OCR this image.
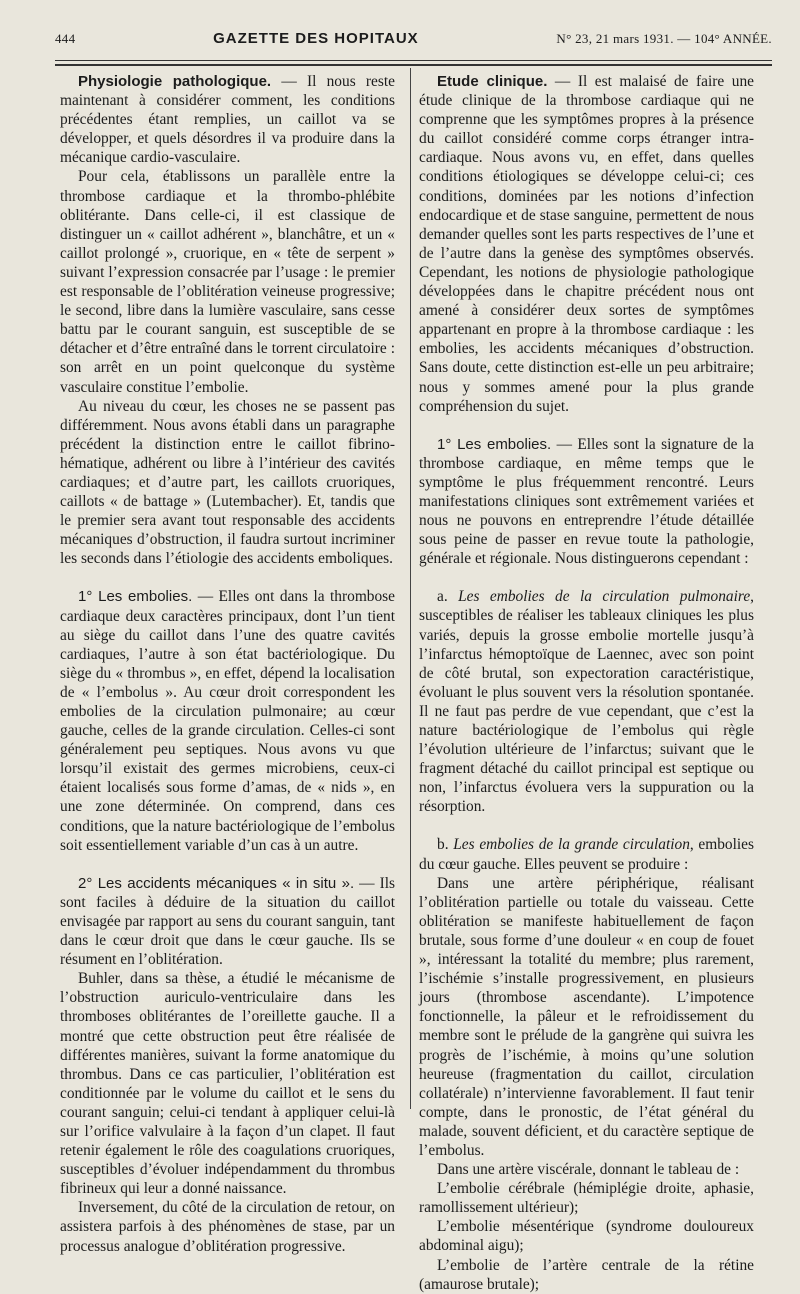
444	GAZETTE DES HOPITAUX	N° 23, 21 mars 1931. — 104° ANNÉE.

Physiologie pathologique. — Il nous reste maintenant à considérer comment, les conditions précédentes étant remplies, un caillot va se développer, et quels désordres il va produire dans la mécanique cardio-vasculaire.

Pour cela, établissons un parallèle entre la thrombose cardiaque et la thrombo-phlébite oblitérante. Dans celle-ci, il est classique de distinguer un « caillot adhérent », blanchâtre, et un « caillot prolongé », cruorique, en « tête de serpent » suivant l’expression consacrée par l’usage : le premier est responsable de l’oblitération veineuse progressive; le second, libre dans la lumière vasculaire, sans cesse battu par le courant sanguin, est susceptible de se détacher et d’être entraîné dans le torrent circulatoire : son arrêt en un point quelconque du système vasculaire constitue l’embolie.

Au niveau du cœur, les choses ne se passent pas différemment. Nous avons établi dans un paragraphe précédent la distinction entre le caillot fibrino-hématique, adhérent ou libre à l’intérieur des cavités cardiaques; et d’autre part, les caillots cruoriques, caillots « de battage » (Lutembacher). Et, tandis que le premier sera avant tout responsable des accidents mécaniques d’obstruction, il faudra surtout incriminer les seconds dans l’étiologie des accidents emboliques.

1° Les embolies. — Elles ont dans la thrombose cardiaque deux caractères principaux, dont l’un tient au siège du caillot dans l’une des quatre cavités cardiaques, l’autre à son état bactériologique. Du siège du « thrombus », en effet, dépend la localisation de « l’embolus ». Au cœur droit correspondent les embolies de la circulation pulmonaire; au cœur gauche, celles de la grande circulation. Celles-ci sont généralement peu septiques. Nous avons vu que lorsqu’il existait des germes microbiens, ceux-ci étaient localisés sous forme d’amas, de « nids », en une zone déterminée. On comprend, dans ces conditions, que la nature bactériologique de l’embolus soit essentiellement variable d’un cas à un autre.

2° Les accidents mécaniques « in situ ». — Ils sont faciles à déduire de la situation du caillot envisagée par rapport au sens du courant sanguin, tant dans le cœur droit que dans le cœur gauche. Ils se résument en l’oblitération.

Buhler, dans sa thèse, a étudié le mécanisme de l’obstruction auriculo-ventriculaire dans les thromboses oblitérantes de l’oreillette gauche. Il a montré que cette obstruction peut être réalisée de différentes manières, suivant la forme anatomique du thrombus. Dans ce cas particulier, l’oblitération est conditionnée par le volume du caillot et le sens du courant sanguin; celui-ci tendant à appliquer celui-là sur l’orifice valvulaire à la façon d’un clapet. Il faut retenir également le rôle des coagulations cruoriques, susceptibles d’évoluer indépendamment du thrombus fibrineux qui leur a donné naissance.

Inversement, du côté de la circulation de retour, on assistera parfois à des phénomènes de stase, par un processus analogue d’oblitération progressive.

Etude clinique. — Il est malaisé de faire une étude clinique de la thrombose cardiaque qui ne comprenne que les symptômes propres à la présence du caillot considéré comme corps étranger intra-cardiaque. Nous avons vu, en effet, dans quelles conditions étiologiques se développe celui-ci; ces conditions, dominées par les notions d’infection endocardique et de stase sanguine, permettent de nous demander quelles sont les parts respectives de l’une et de l’autre dans la genèse des symptômes observés. Cependant, les notions de physiologie pathologique développées dans le chapitre précédent nous ont amené à considérer deux sortes de symptômes appartenant en propre à la thrombose cardiaque : les embolies, les accidents mécaniques d’obstruction. Sans doute, cette distinction est-elle un peu arbitraire; nous y sommes amené pour la plus grande compréhension du sujet.

1° Les embolies. — Elles sont la signature de la thrombose cardiaque, en même temps que le symptôme le plus fréquemment rencontré. Leurs manifestations cliniques sont extrêmement variées et nous ne pouvons en entreprendre l’étude détaillée sous peine de passer en revue toute la pathologie, générale et régionale. Nous distinguerons cependant :

a. Les embolies de la circulation pulmonaire, susceptibles de réaliser les tableaux cliniques les plus variés, depuis la grosse embolie mortelle jusqu’à l’infarctus hémoptoïque de Laennec, avec son point de côté brutal, son expectoration caractéristique, évoluant le plus souvent vers la résolution spontanée. Il ne faut pas perdre de vue cependant, que c’est la nature bactériologique de l’embolus qui règle l’évolution ultérieure de l’infarctus; suivant que le fragment détaché du caillot principal est septique ou non, l’infarctus évoluera vers la suppuration ou la résorption.

b. Les embolies de la grande circulation, embolies du cœur gauche. Elles peuvent se produire :

Dans une artère périphérique, réalisant l’oblitération partielle ou totale du vaisseau. Cette oblitération se manifeste habituellement de façon brutale, sous forme d’une douleur « en coup de fouet », intéressant la totalité du membre; plus rarement, l’ischémie s’installe progressivement, en plusieurs jours (thrombose ascendante). L’impotence fonctionnelle, la pâleur et le refroidissement du membre sont le prélude de la gangrène qui suivra les progrès de l’ischémie, à moins qu’une solution heureuse (fragmentation du caillot, circulation collatérale) n’intervienne favorablement. Il faut tenir compte, dans le pronostic, de l’état général du malade, souvent déficient, et du caractère septique de l’embolus.

Dans une artère viscérale, donnant le tableau de :

L’embolie cérébrale (hémiplégie droite, aphasie, ramollissement ultérieur);

L’embolie mésentérique (syndrome douloureux abdominal aigu);

L’embolie de l’artère centrale de la rétine (amaurose brutale);
